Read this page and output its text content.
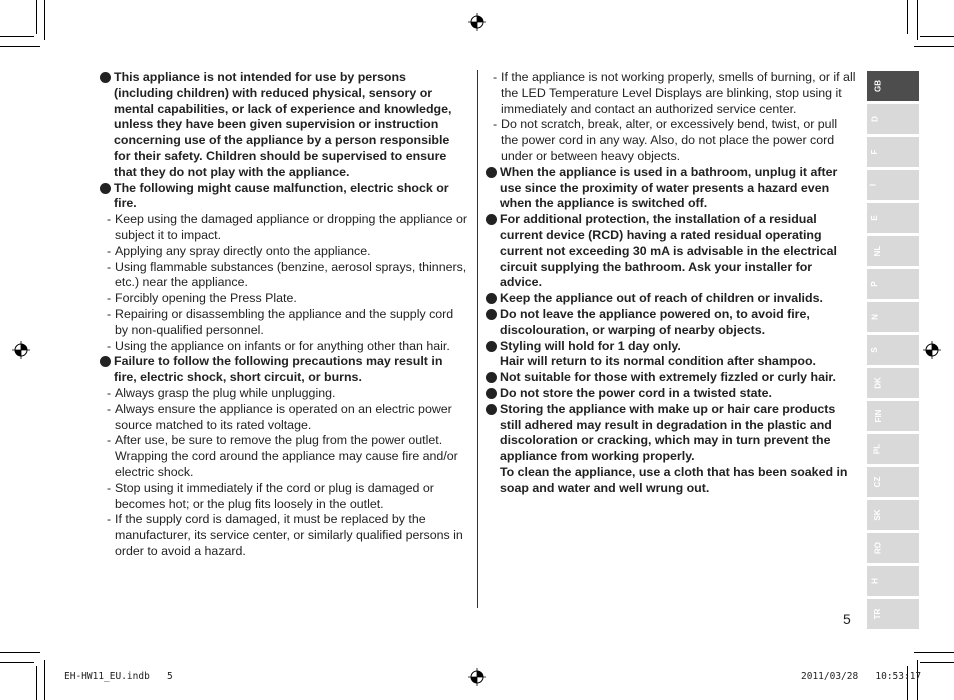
This appliance is not intended for use by persons (including children) with reduced physical, sensory or mental capabilities, or lack of experience and knowledge, unless they have been given supervision or instruction concerning use of the appliance by a person responsible for their safety. Children should be supervised to ensure that they do not play with the appliance.
The following might cause malfunction, electric shock or fire.
- Keep using the damaged appliance or dropping the appliance or subject it to impact.
- Applying any spray directly onto the appliance.
- Using flammable substances (benzine, aerosol sprays, thinners, etc.) near the appliance.
- Forcibly opening the Press Plate.
- Repairing or disassembling the appliance and the supply cord by non-qualified personnel.
- Using the appliance on infants or for anything other than hair.
Failure to follow the following precautions may result in fire, electric shock, short circuit, or burns.
- Always grasp the plug while unplugging.
- Always ensure the appliance is operated on an electric power source matched to its rated voltage.
- After use, be sure to remove the plug from the power outlet. Wrapping the cord around the appliance may cause fire and/or electric shock.
- Stop using it immediately if the cord or plug is damaged or becomes hot; or the plug fits loosely in the outlet.
- If the supply cord is damaged, it must be replaced by the manufacturer, its service center, or similarly qualified persons in order to avoid a hazard.
- If the appliance is not working properly, smells of burning, or if all the LED Temperature Level Displays are blinking, stop using it immediately and contact an authorized service center.
- Do not scratch, break, alter, or excessively bend, twist, or pull the power cord in any way. Also, do not place the power cord under or between heavy objects.
When the appliance is used in a bathroom, unplug it after use since the proximity of water presents a hazard even when the appliance is switched off.
For additional protection, the installation of a residual current device (RCD) having a rated residual operating current not exceeding 30 mA is advisable in the electrical circuit supplying the bathroom. Ask your installer for advice.
Keep the appliance out of reach of children or invalids.
Do not leave the appliance powered on, to avoid fire, discolouration, or warping of nearby objects.
Styling will hold for 1 day only.
Hair will return to its normal condition after shampoo.
Not suitable for those with extremely fizzled or curly hair.
Do not store the power cord in a twisted state.
Storing the appliance with make up or hair care products still adhered may result in degradation in the plastic and discoloration or cracking, which may in turn prevent the appliance from working properly.
To clean the appliance, use a cloth that has been soaked in soap and water and well wrung out.
GB
D
F
I
E
NL
P
N
S
DK
FIN
PL
CZ
SK
RO
H
TR
5
EH-HW11_EU.indb 5	2011/03/28 10:53:17
